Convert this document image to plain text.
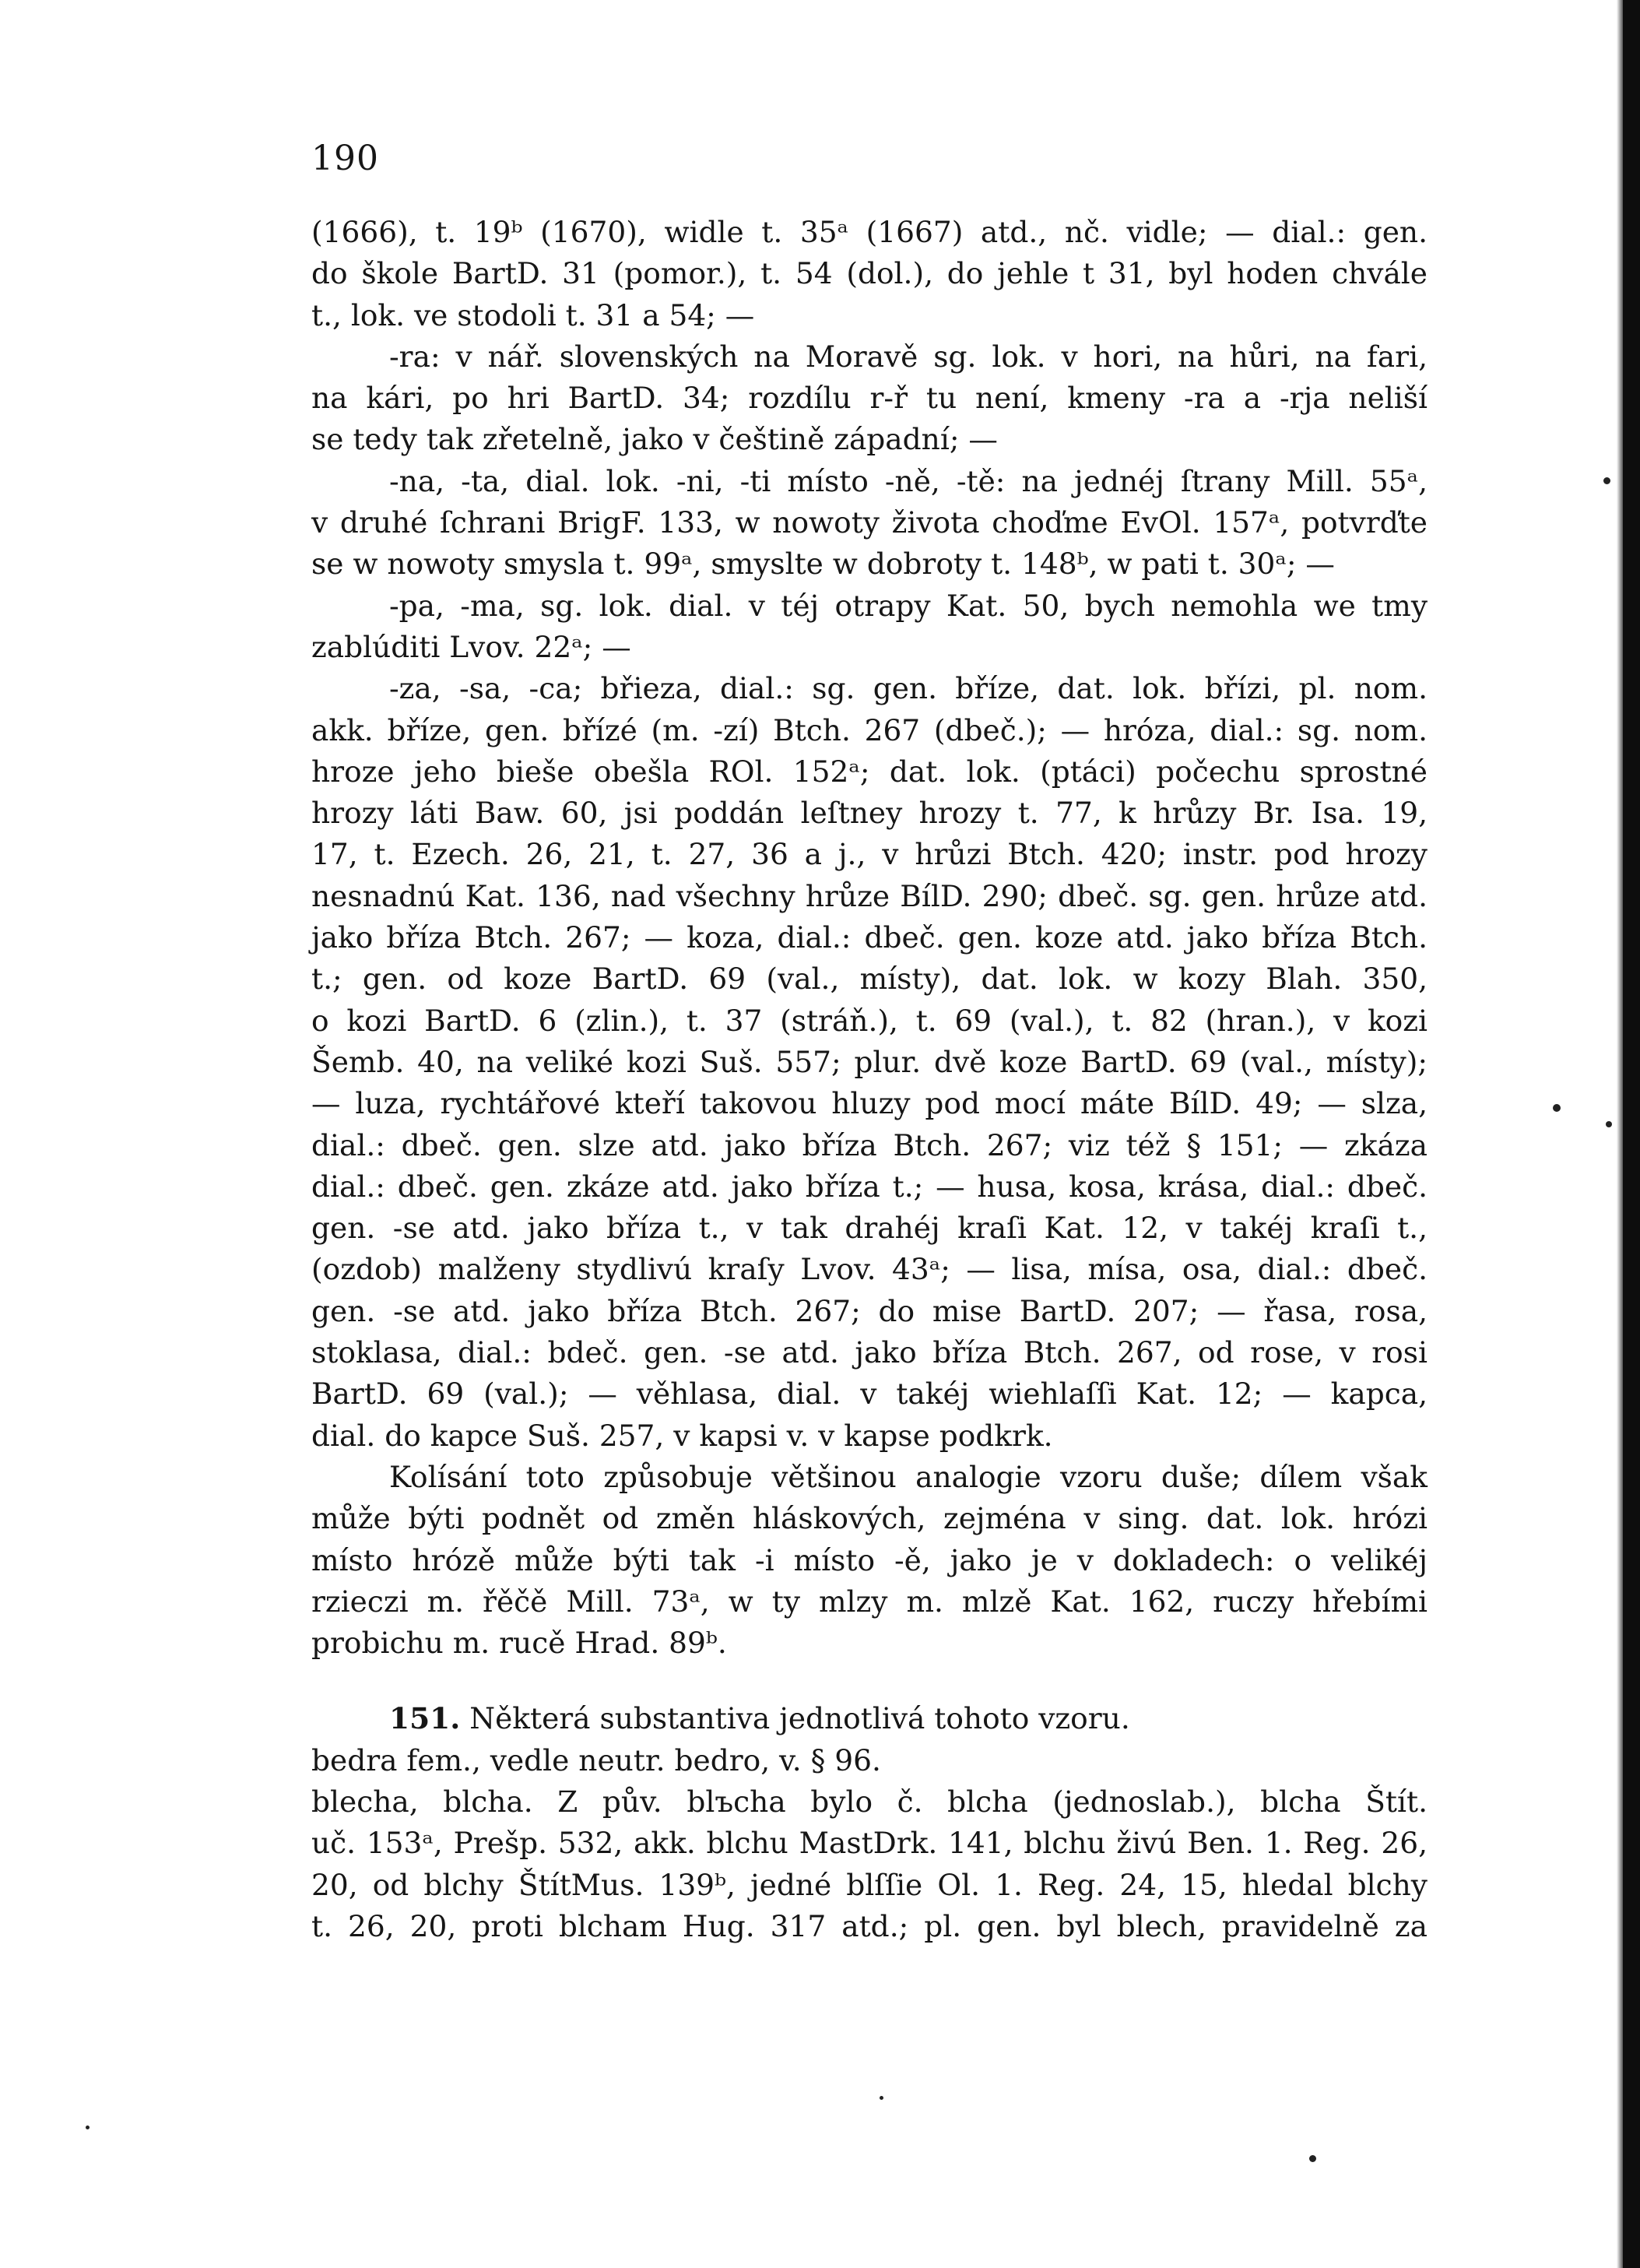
190
(1666), t. 19ᵇ (1670), widle t. 35ᵃ (1667) atd., nč. vidle; — dial.: gen.
do škole BartD. 31 (pomor.), t. 54 (dol.), do jehle t 31, byl hoden chvále
t., lok. ve stodoli t. 31 a 54; —
-ra: v nář. slovenských na Moravě sg. lok. v hori, na hůri, na fari,
na kári, po hri BartD. 34; rozdílu r-ř tu není, kmeny -ra a -rja neliší
se tedy tak zřetelně, jako v češtině západní; —
-na, -ta, dial. lok. -ni, -ti místo -ně, -tě: na jednéj ſtrany Mill. 55ᵃ,
v druhé ſchrani BrigF. 133, w nowoty života choďme EvOl. 157ᵃ, potvrďte
se w nowoty smysla t. 99ᵃ, smyslte w dobroty t. 148ᵇ, w pati t. 30ᵃ; —
-pa, -ma, sg. lok. dial. v téj otrapy Kat. 50, bych nemohla we tmy
zablúditi Lvov. 22ᵃ; —
-za, -sa, -ca; břieza, dial.: sg. gen. bříze, dat. lok. břízi, pl. nom.
akk. bříze, gen. břízé (m. -zí) Btch. 267 (dbeč.); — hróza, dial.: sg. nom.
hroze jeho bieše obešla ROl. 152ᵃ; dat. lok. (ptáci) počechu sprostné
hrozy láti Baw. 60, jsi poddán leſtney hrozy t. 77, k hrůzy Br. Isa. 19,
17, t. Ezech. 26, 21, t. 27, 36 a j., v hrůzi Btch. 420; instr. pod hrozy
nesnadnú Kat. 136, nad všechny hrůze BílD. 290; dbeč. sg. gen. hrůze atd.
jako bříza Btch. 267; — koza, dial.: dbeč. gen. koze atd. jako bříza Btch.
t.; gen. od koze BartD. 69 (val., místy), dat. lok. w kozy Blah. 350,
o kozi BartD. 6 (zlin.), t. 37 (stráň.), t. 69 (val.), t. 82 (hran.), v kozi
Šemb. 40, na veliké kozi Suš. 557; plur. dvě koze BartD. 69 (val., místy);
— luza, rychtářové kteří takovou hluzy pod mocí máte BílD. 49; — slza,
dial.: dbeč. gen. slze atd. jako bříza Btch. 267; viz též § 151; — zkáza
dial.: dbeč. gen. zkáze atd. jako bříza t.; — husa, kosa, krása, dial.: dbeč.
gen. -se atd. jako bříza t., v tak drahéj kraſi Kat. 12, v takéj kraſi t.,
(ozdob) malženy stydlivú kraſy Lvov. 43ᵃ; — lisa, mísa, osa, dial.: dbeč.
gen. -se atd. jako bříza Btch. 267; do mise BartD. 207; — řasa, rosa,
stoklasa, dial.: bdeč. gen. -se atd. jako bříza Btch. 267, od rose, v rosi
BartD. 69 (val.); — věhlasa, dial. v takéj wiehlaſſi Kat. 12; — kapca,
dial. do kapce Suš. 257, v kapsi v. v kapse podkrk.
Kolísání toto způsobuje většinou analogie vzoru duše; dílem však
může býti podnět od změn hláskových, zejména v sing. dat. lok. hrózi
místo hrózě může býti tak -i místo -ě, jako je v dokladech: o velikéj
rzieczi m. řěčě Mill. 73ᵃ, w ty mlzy m. mlzě Kat. 162, ruczy hřebími
probichu m. rucě Hrad. 89ᵇ.
151. Některá substantiva jednotlivá tohoto vzoru.
bedra fem., vedle neutr. bedro, v. § 96.
blecha, blcha. Z pův. blъcha bylo č. blcha (jednoslab.), blcha Štít.
uč. 153ᵃ, Prešp. 532, akk. blchu MastDrk. 141, blchu živú Ben. 1. Reg. 26,
20, od blchy ŠtítMus. 139ᵇ, jedné blſſie Ol. 1. Reg. 24, 15, hledal blchy
t. 26, 20, proti blcham Hug. 317 atd.; pl. gen. byl blech, pravidelně za
